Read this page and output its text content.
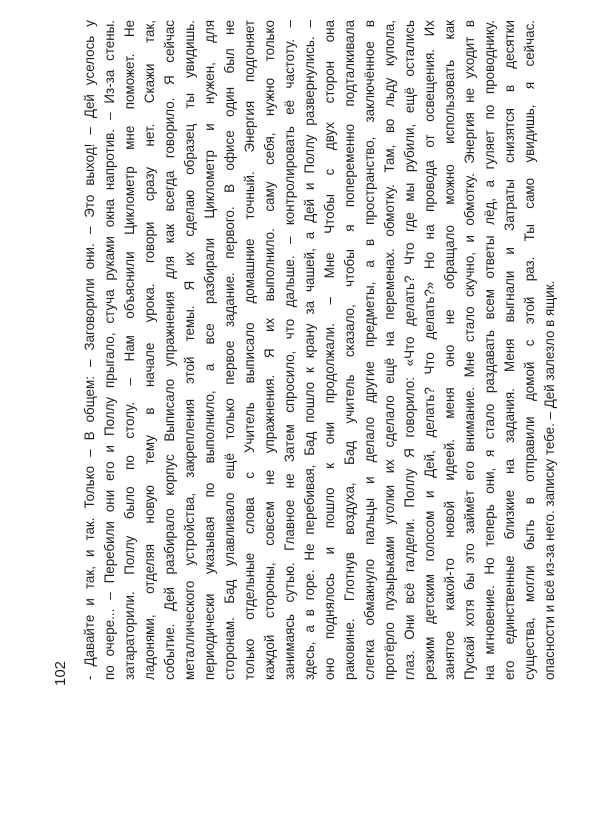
102 - Давайте и так, и так. Только – В общем: – Заговорили они. – Это выход! – Дей уселось у по очере... – Перебили они его и Поллу прыгало, стуча руками окна напротив. – Из-за стены. затараторили. Поллу было по столу. – Нам объяснили Циклометр мне поможет. Не ладонями, отделяя новую тему в начале урока. говори сразу нет. Скажи так, событие. Дей разбирало корпус Выписало упражнения для как всегда говорило. Я сейчас металлического устройства, закрепления этой темы. Я их сделаю образец ты увидишь. периодически указывая по выполнило, а все разбирали Циклометр и нужен, для сторонам. Бад улавливало ещё только первое задание. первого. В офисе один был не только отдельные слова с Учитель выписало домашние точный. Энергия подгоняет каждой стороны, совсем не упражнения. Я их выполнило. саму себя, нужно только занимаясь сутью. Главное не Затем спросило, что дальше. – контролировать её частоту. – здесь, а в горе. Не перебивая, Бад пошло к крану за чашей, а Дей и Поллу развернулись. – оно поднялось и пошло к они продолжали. – Мне Чтобы с двух сторон она раковине. Глотнув воздуха, Бад учитель сказало, чтобы я попеременно подталкивала слегка обмакнуло пальцы и делало другие предметы, а в пространство, заключённое в протёрло пузырьками уголки их сделало ещё на переменах. обмотку. Там, во льду купола, глаз. Они всё галдели. Поллу Я говорило: «Что делать? Что где мы рубили, ещё остались резким детским голосом и Дей, делать? Что делать?» Но на провода от освещения. Их занятое какой-то новой идеей. меня оно не обращало можно использовать как Пускай хотя бы это займёт его внимание. Мне стало скучно, и обмотку. Энергия не уходит в на мгновение. Но теперь они, я стало раздавать всем ответы лёд, а гуляет по проводнику. его единственные близкие на задания. Меня выгнали и Затраты снизятся в десятки существа, могли быть в отправили домой с этой раз. Ты само увидишь, я сейчас. опасности и всё из-за него. записку тебе. – Дей залезло в ящик.
